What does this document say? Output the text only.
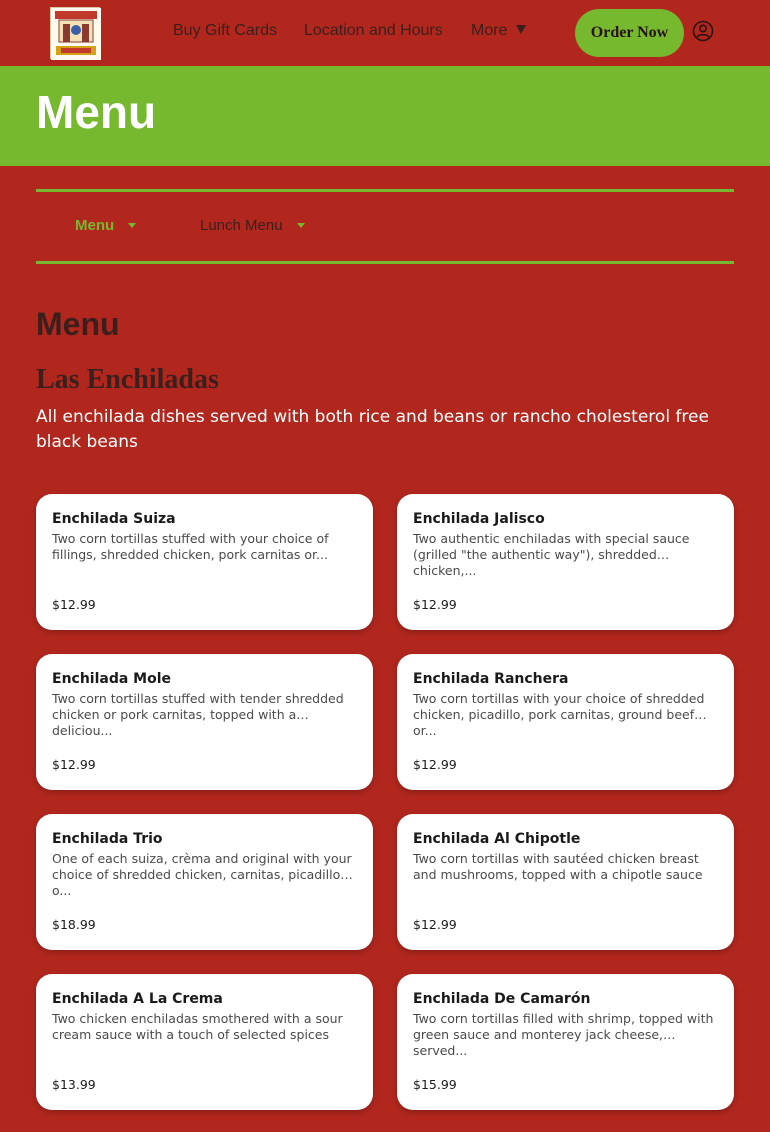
Buy Gift Cards Location and Hours More	Order Now
Menu
Menu	Lunch Menu
Menu
Las Enchiladas

All enchilada dishes served with both rice and beans or rancho cholesterol free black beans

Enchilada Suiza
Two corn tortillas stuffed with your choice of fillings, shredded chicken, pork carnitas or...
$12.99
Enchilada Jalisco
Two authentic enchiladas with special sauce (grilled "the authentic way"), shredded chicken,...
$12.99
Enchilada Mole
Two corn tortillas stuffed with tender shredded chicken or pork carnitas, topped with a deliciou...
$12.99
Enchilada Ranchera
Two corn tortillas with your choice of shredded chicken, picadillo, pork carnitas, ground beef or...
$12.99
Enchilada Trio
One of each suiza, crèma and original with your choice of shredded chicken, carnitas, picadillo o...
$18.99
Enchilada Al Chipotle
Two corn tortillas with sautéed chicken breast and mushrooms, topped with a chipotle sauce
$12.99
Enchilada A La Crema
Two chicken enchiladas smothered with a sour cream sauce with a touch of selected spices
$13.99
Enchilada De Camarón
Two corn tortillas filled with shrimp, topped with green sauce and monterey jack cheese, served...
$15.99
